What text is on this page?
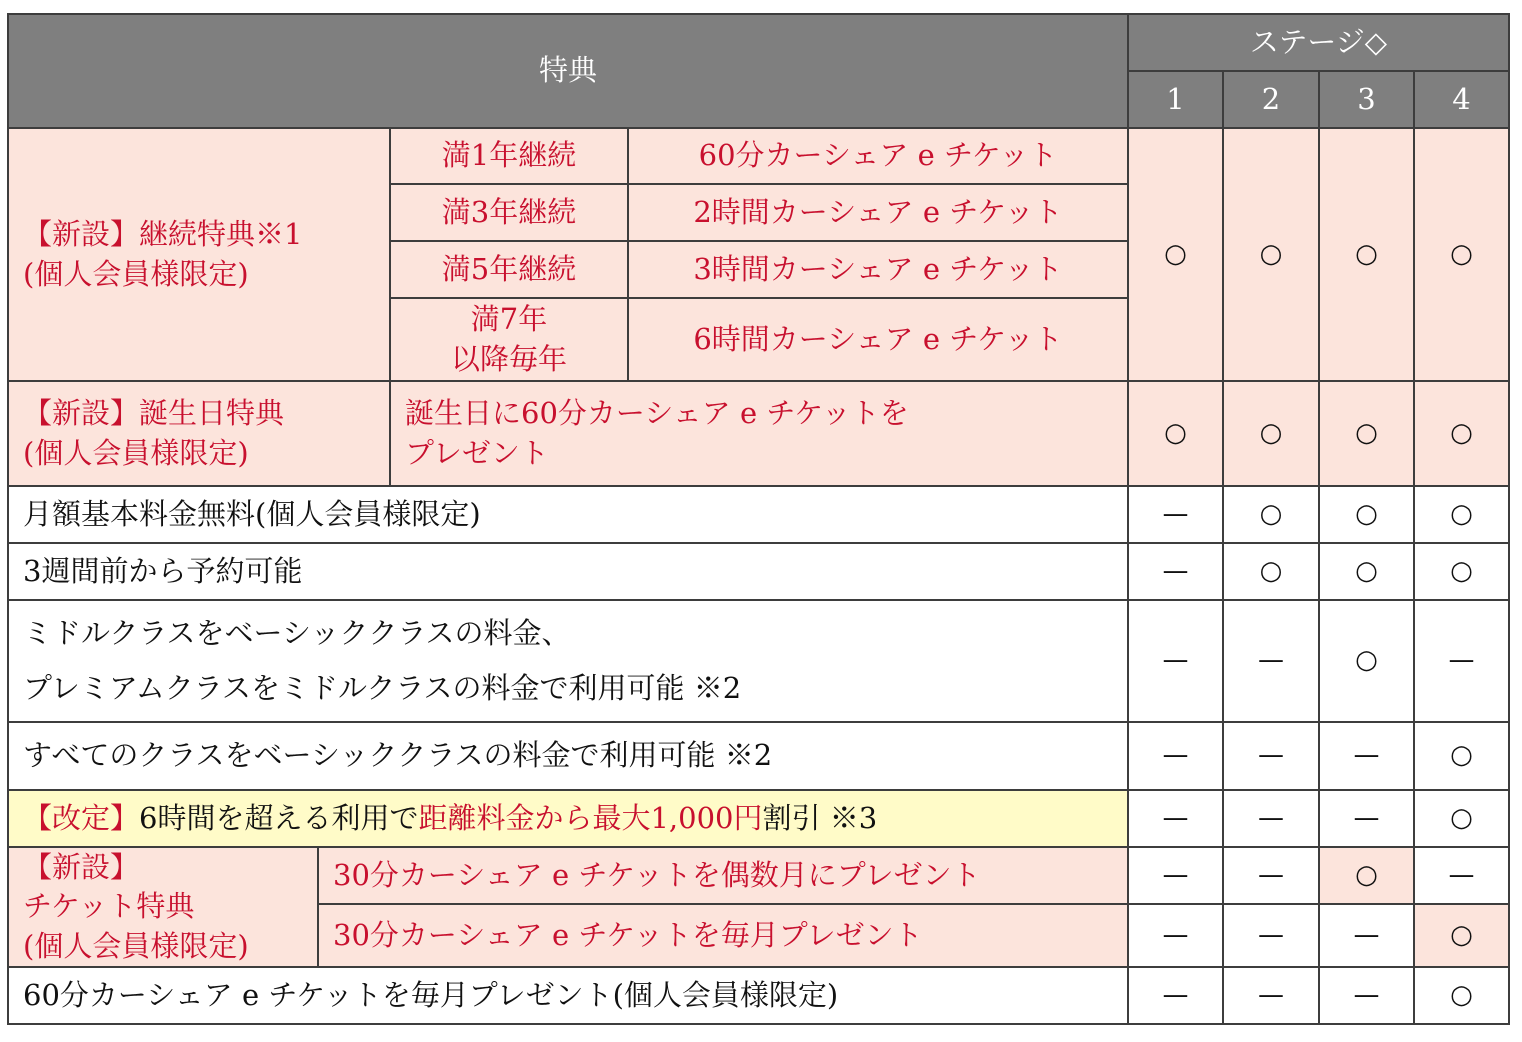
特典				ステージ◇			
				1	2	3	4

【新設】継続特典※1
(個人会員様限定)		満1年継続	60分カーシェア e チケット	○	○	○	○
		満3年継続	2時間カーシェア e チケット				
		満5年継続	3時間カーシェア e チケット				

		満7年
以降毎年	6時間カーシェア e チケット				

【新設】誕生日特典
(個人会員様限定)		誕生日に60分カーシェア e チケットを
プレゼント		○	○	○	○
月額基本料金無料(個人会員様限定)				—	○	○	○
3週間前から予約可能				—	○	○	○

ミドルクラスをベーシッククラスの料金、
プレミアムクラスをミドルクラスの料金で利用可能 ※2				—	—	○	—
すべてのクラスをベーシッククラスの料金で利用可能 ※2				—	—	—	○
【改定】6時間を超える利用で距離料金から最大1,000円割引 ※3				—	—	—	○

【新設】
チケット特典
(個人会員様限定)	30分カーシェア e チケットを偶数月にプレゼント			—	—	○	—
	30分カーシェア e チケットを毎月プレゼント			—	—	—	○
60分カーシェア e チケットを毎月プレゼント(個人会員様限定)				—	—	—	○
